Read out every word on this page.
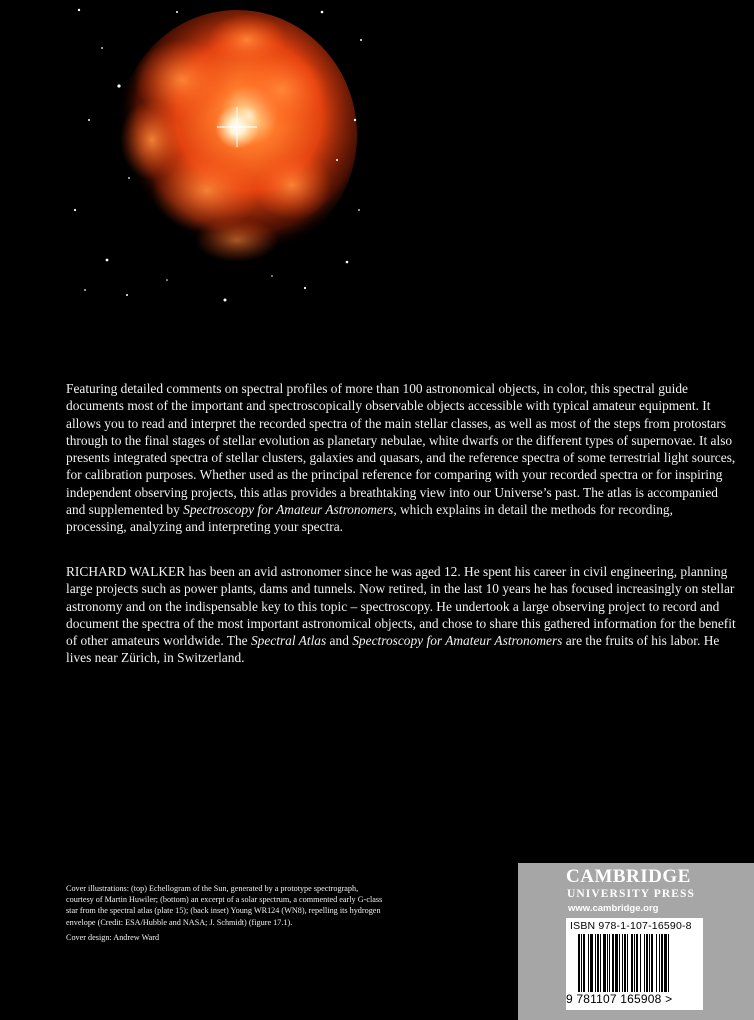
Featuring detailed comments on spectral profiles of more than 100 astronomical objects, in color, this spectral guide documents most of the important and spectroscopically observable objects accessible with typical amateur equipment. It allows you to read and interpret the recorded spectra of the main stellar classes, as well as most of the steps from protostars through to the final stages of stellar evolution as planetary nebulae, white dwarfs or the different types of supernovae. It also presents integrated spectra of stellar clusters, galaxies and quasars, and the reference spectra of some terrestrial light sources, for calibration purposes. Whether used as the principal reference for comparing with your recorded spectra or for inspiring independent observing projects, this atlas provides a breathtaking view into our Universe’s past. The atlas is accompanied and supplemented by Spectroscopy for Amateur Astronomers, which explains in detail the methods for recording, processing, analyzing and interpreting your spectra.

RICHARD WALKER has been an avid astronomer since he was aged 12. He spent his career in civil engineering, planning large projects such as power plants, dams and tunnels. Now retired, in the last 10 years he has focused increasingly on stellar astronomy and on the indispensable key to this topic – spectroscopy. He undertook a large observing project to record and document the spectra of the most important astronomical objects, and chose to share this gathered information for the benefit of other amateurs worldwide. The Spectral Atlas and Spectroscopy for Amateur Astronomers are the fruits of his labor. He lives near Zürich, in Switzerland.

Cover illustrations: (top) Echellogram of the Sun, generated by a prototype spectrograph, courtesy of Martin Huwiler; (bottom) an excerpt of a solar spectrum, a commented early G-class star from the spectral atlas (plate 15); (back inset) Young WR124 (WN8), repelling its hydrogen envelope (Credit: ESA/Hubble and NASA; J. Schmidt) (figure 17.1).

Cover design: Andrew Ward

CAMBRIDGE
UNIVERSITY PRESS
www.cambridge.org
ISBN 978-1-107-16590-8
9 781107 165908 >
